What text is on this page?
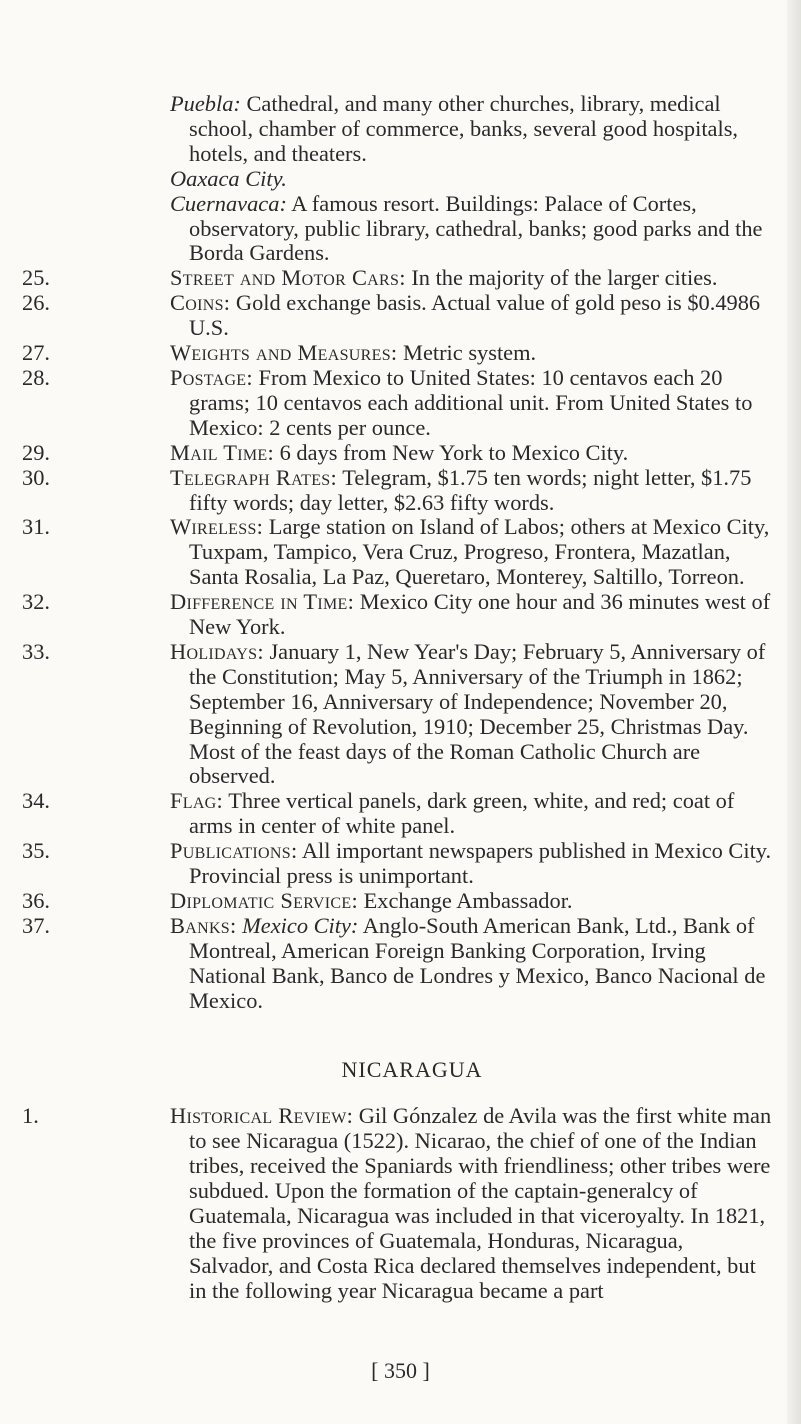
Puebla: Cathedral, and many other churches, library, medical school, chamber of commerce, banks, several good hospitals, hotels, and theaters.
Oaxaca City.
Cuernavaca: A famous resort. Buildings: Palace of Cortes, observatory, public library, cathedral, banks; good parks and the Borda Gardens.

25.	Street and Motor Cars: In the majority of the larger cities.

26.	Coins: Gold exchange basis. Actual value of gold peso is $0.4986 U.S.

27.	Weights and Measures: Metric system.

28.	Postage: From Mexico to United States: 10 centavos each 20 grams; 10 centavos each additional unit. From United States to Mexico: 2 cents per ounce.

29.	Mail Time: 6 days from New York to Mexico City.

30.	Telegraph Rates: Telegram, $1.75 ten words; night letter, $1.75 fifty words; day letter, $2.63 fifty words.

31.	Wireless: Large station on Island of Labos; others at Mexico City, Tuxpam, Tampico, Vera Cruz, Progreso, Frontera, Mazatlan, Santa Rosalia, La Paz, Queretaro, Monterey, Saltillo, Torreon.

32.	Difference in Time: Mexico City one hour and 36 minutes west of New York.

33.	Holidays: January 1, New Year's Day; February 5, Anniversary of the Constitution; May 5, Anniversary of the Triumph in 1862; September 16, Anniversary of Independence; November 20, Beginning of Revolution, 1910; December 25, Christmas Day. Most of the feast days of the Roman Catholic Church are observed.

34.	Flag: Three vertical panels, dark green, white, and red; coat of arms in center of white panel.

35.	Publications: All important newspapers published in Mexico City. Provincial press is unimportant.

36.	Diplomatic Service: Exchange Ambassador.

37.	Banks: Mexico City: Anglo-South American Bank, Ltd., Bank of Montreal, American Foreign Banking Corporation, Irving National Bank, Banco de Londres y Mexico, Banco Nacional de Mexico.

NICARAGUA

1.	Historical Review: Gil Gónzalez de Avila was the first white man to see Nicaragua (1522). Nicarao, the chief of one of the Indian tribes, received the Spaniards with friendliness; other tribes were subdued. Upon the formation of the captain-generalcy of Guatemala, Nicaragua was included in that viceroyalty. In 1821, the five provinces of Guatemala, Honduras, Nicaragua, Salvador, and Costa Rica declared themselves independent, but in the following year Nicaragua became a part

[ 350 ]
